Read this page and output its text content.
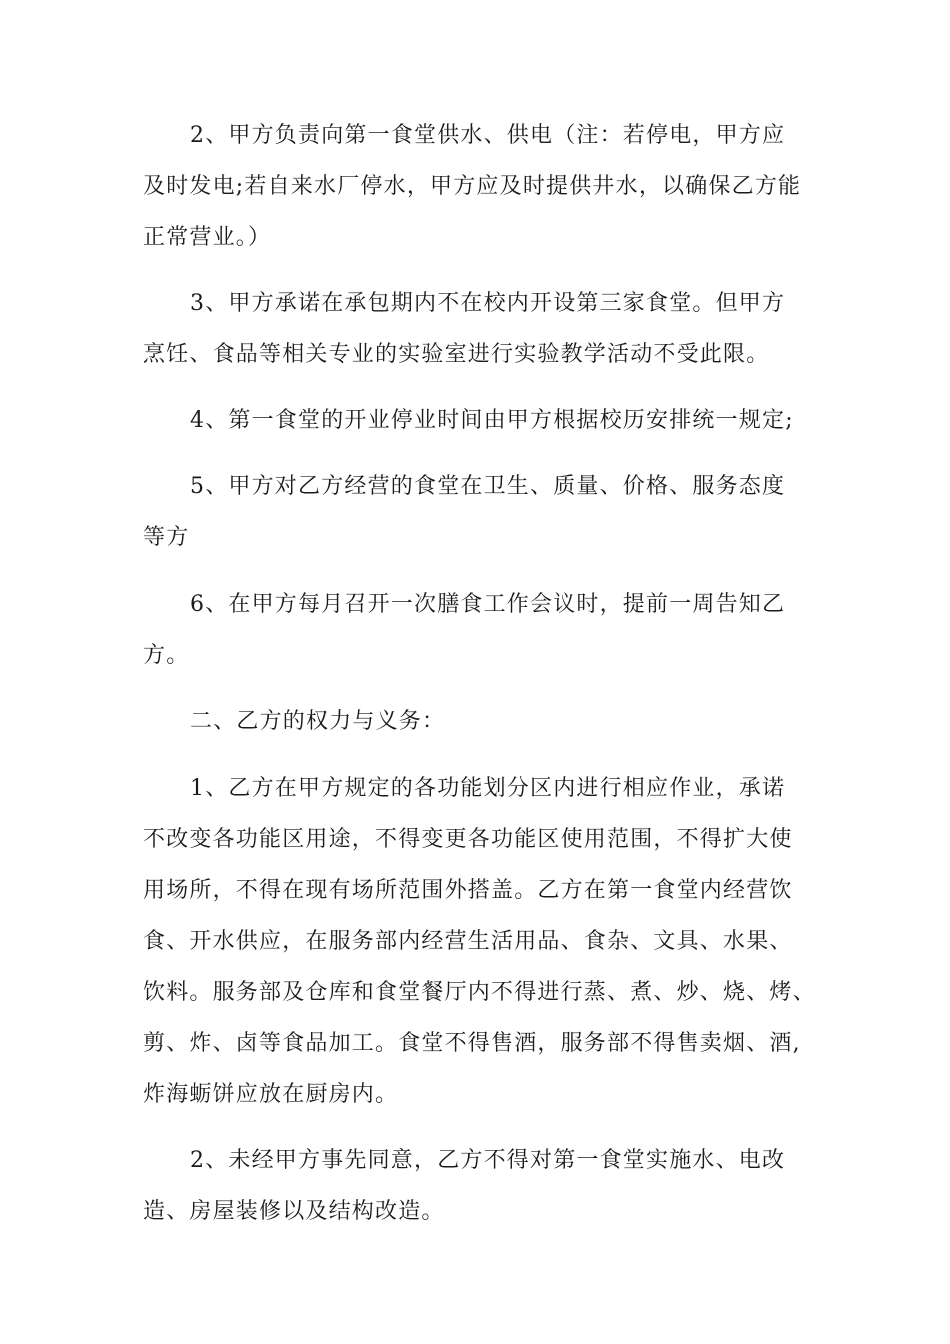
2、甲方负责向第一食堂供水、供电（注：若停电，甲方应
及时发电;若自来水厂停水，甲方应及时提供井水，以确保乙方能
正常营业。）
3、甲方承诺在承包期内不在校内开设第三家食堂。但甲方
烹饪、食品等相关专业的实验室进行实验教学活动不受此限。
4、第一食堂的开业停业时间由甲方根据校历安排统一规定;
5、甲方对乙方经营的食堂在卫生、质量、价格、服务态度
等方
6、在甲方每月召开一次膳食工作会议时，提前一周告知乙
方。
二、乙方的权力与义务：
1、乙方在甲方规定的各功能划分区内进行相应作业，承诺
不改变各功能区用途，不得变更各功能区使用范围，不得扩大使
用场所，不得在现有场所范围外搭盖。乙方在第一食堂内经营饮
食、开水供应，在服务部内经营生活用品、食杂、文具、水果、
饮料。服务部及仓库和食堂餐厅内不得进行蒸、煮、炒、烧、烤、
剪、炸、卤等食品加工。食堂不得售酒，服务部不得售卖烟、酒,
炸海蛎饼应放在厨房内。
2、未经甲方事先同意，乙方不得对第一食堂实施水、电改
造、房屋装修以及结构改造。
